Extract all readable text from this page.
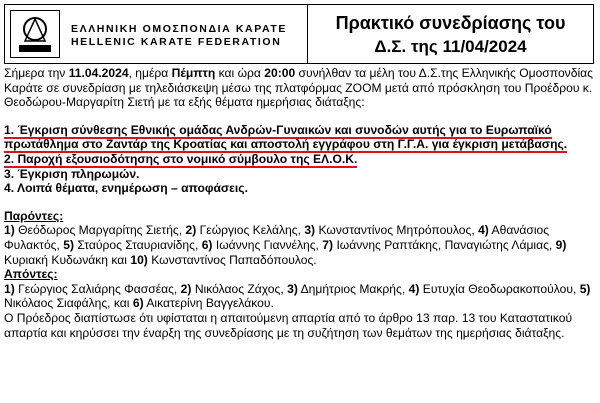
ΕΛΛΗΝΙΚΗ ΟΜΟΣΠΟΝΔΙΑ ΚΑΡΑΤΕ
HELLENIC KARATE FEDERATION
Πρακτικό συνεδρίασης του
Δ.Σ. της 11/04/2024

Σήμερα την 11.04.2024, ημέρα Πέμπτη και ώρα 20:00 συνήλθαν τα μέλη του Δ.Σ.της Ελληνικής Ομοσπονδίας Καράτε σε συνεδρίαση με τηλεδιάσκεψη μέσω της πλατφόρμας ZOOM μετά από πρόσκληση του Προέδρου κ. Θεοδώρου-Μαργαρίτη Σιετή με τα εξής θέματα ημερήσιας διάταξης:

1. Έγκριση σύνθεσης Εθνικής ομάδας Ανδρών-Γυναικών και συνοδών αυτής για το Ευρωπαϊκό πρωτάθλημα στο Ζαντάρ της Κροατίας και αποστολή εγγράφου στη Γ.Γ.Α. για έγκριση μετάβασης.

2. Παροχή εξουσιοδότησης στο νομικό σύμβουλο της ΕΛ.Ο.Κ.

3. Έγκριση πληρωμών.

4. Λοιπά θέματα, ενημέρωση – αποφάσεις.

Παρόντες:

1) Θεόδωρος Μαργαρίτης Σιετής, 2) Γεώργιος Κελάλης, 3) Κωνσταντίνος Μητρόπουλος, 4) Αθανάσιος Φυλακτός, 5) Σταύρος Σταυριανίδης, 6) Ιωάννης Γιαννέλης, 7) Ιωάννης Ραπτάκης, Παναγιώτης Λάμιας, 9) Κυριακή Κυδωνάκη και 10) Κωνσταντίνος Παπαδόπουλος.

Απόντες:

1) Γεώργιος Σαλιάρης Φασσέας, 2) Νικόλαος Ζάχος, 3) Δημήτριος Μακρής, 4) Ευτυχία Θεοδωρακοπούλου, 5) Νικόλαος Σιαφάλης, και 6) Αικατερίνη Βαγγελάκου.

Ο Πρόεδρος διαπίστωσε ότι υφίσταται η απαιτούμενη απαρτία από το άρθρο 13 παρ. 13 του Καταστατικού απαρτία και κηρύσσει την έναρξη της συνεδρίασης με τη συζήτηση των θεμάτων της ημερήσιας διάταξης.
